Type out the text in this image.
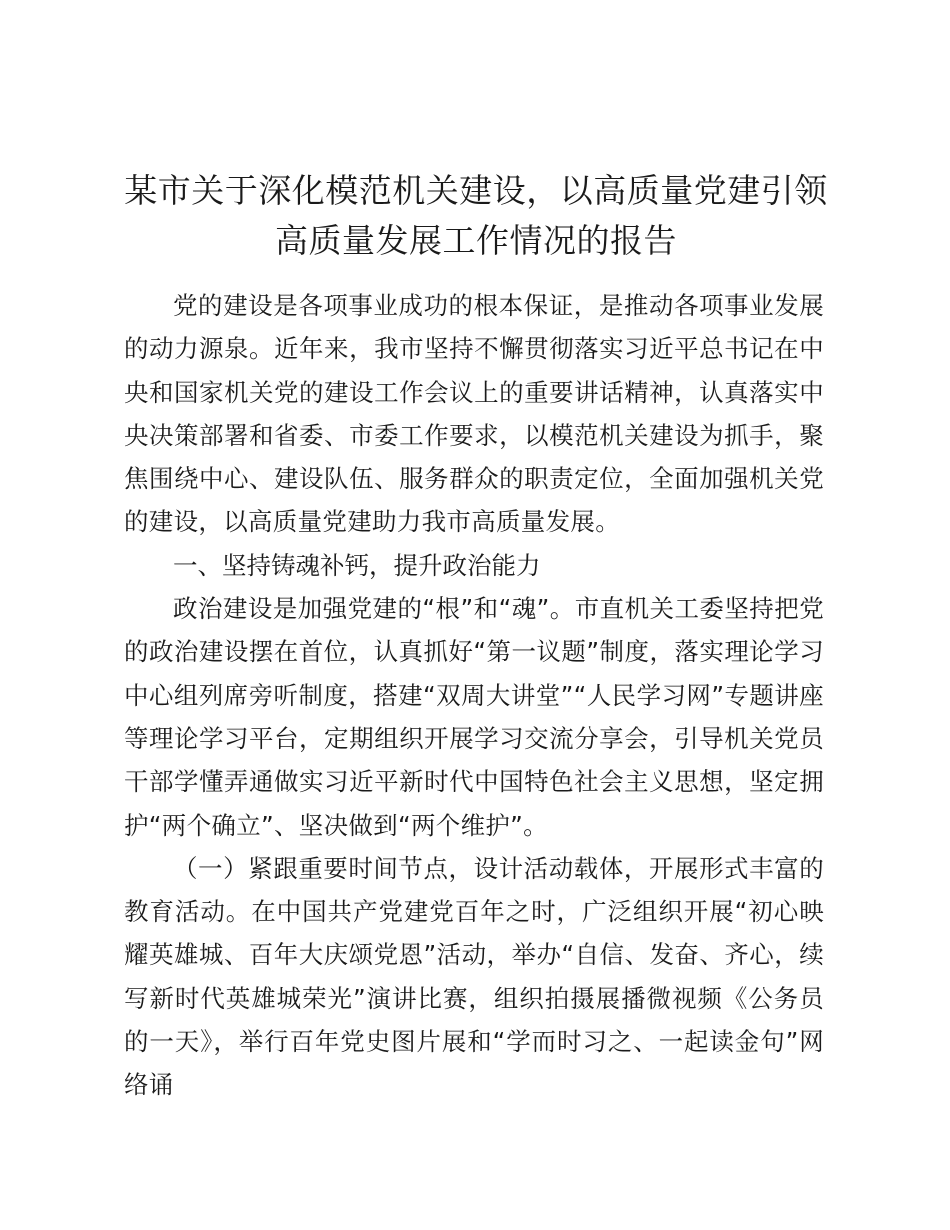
某市关于深化模范机关建设，以高质量党建引领高质量发展工作情况的报告

党的建设是各项事业成功的根本保证，是推动各项事业发展的动力源泉。近年来，我市坚持不懈贯彻落实习近平总书记在中央和国家机关党的建设工作会议上的重要讲话精神，认真落实中央决策部署和省委、市委工作要求，以模范机关建设为抓手，聚焦围绕中心、建设队伍、服务群众的职责定位，全面加强机关党的建设，以高质量党建助力我市高质量发展。

一、坚持铸魂补钙，提升政治能力

政治建设是加强党建的“根”和“魂”。市直机关工委坚持把党的政治建设摆在首位，认真抓好“第一议题”制度，落实理论学习中心组列席旁听制度，搭建“双周大讲堂”“人民学习网”专题讲座等理论学习平台，定期组织开展学习交流分享会，引导机关党员干部学懂弄通做实习近平新时代中国特色社会主义思想，坚定拥护“两个确立”、坚决做到“两个维护”。

（一）紧跟重要时间节点，设计活动载体，开展形式丰富的教育活动。在中国共产党建党百年之时，广泛组织开展“初心映耀英雄城、百年大庆颂党恩”活动，举办“自信、发奋、齐心，续写新时代英雄城荣光”演讲比赛，组织拍摄展播微视频《公务员的一天》，举行百年党史图片展和“学而时习之、一起读金句”网络诵
